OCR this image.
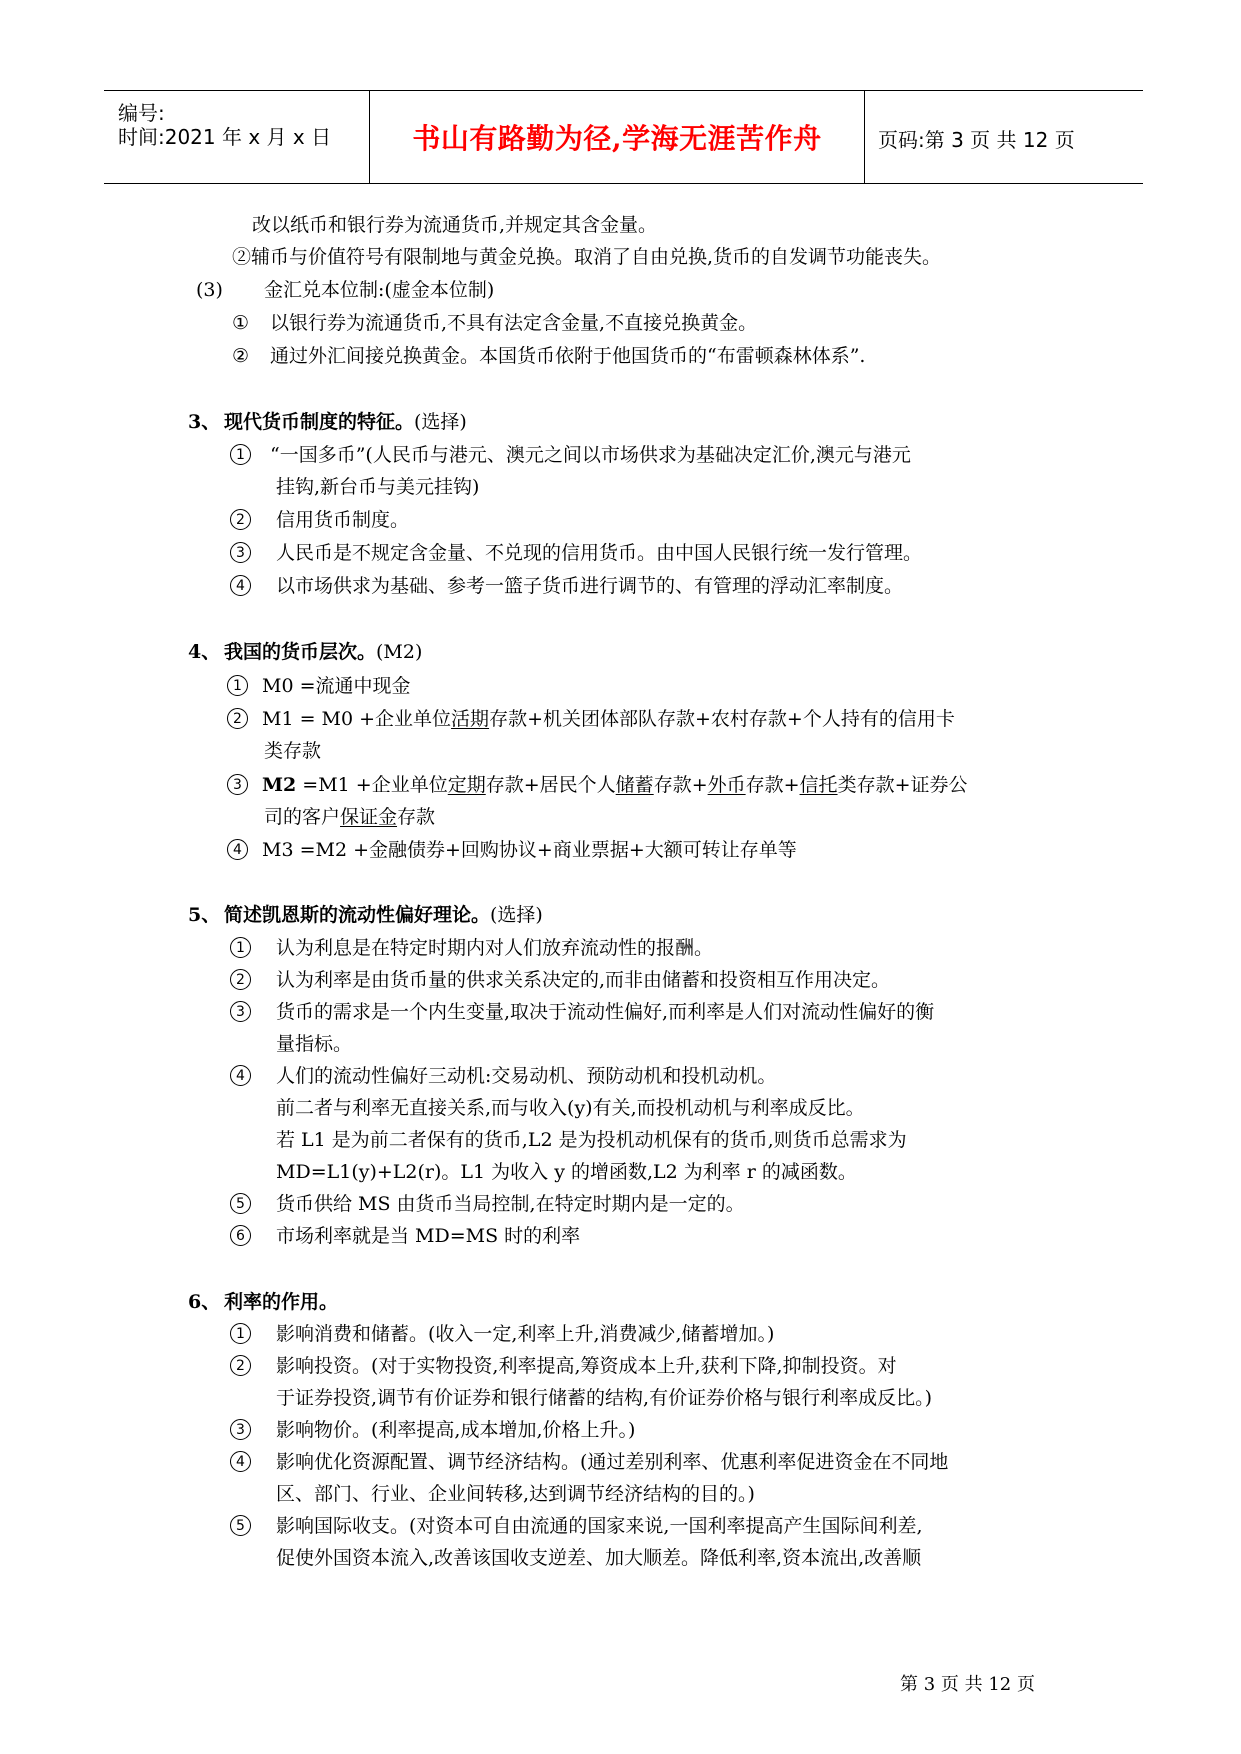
编号:
时间:2021 年 x 月 x 日	书山有路勤为径,学海无涯苦作舟	页码:第 3 页 共 12 页
改以纸币和银行券为流通货币,并规定其含金量。
②辅币与价值符号有限制地与黄金兑换。取消了自由兑换,货币的自发调节功能丧失。
(3) 金汇兑本位制:(虚金本位制)
① 以银行券为流通货币,不具有法定含金量,不直接兑换黄金。
② 通过外汇间接兑换黄金。本国货币依附于他国货币的“布雷顿森林体系”.
3、 现代货币制度的特征。(选择)
1	“一国多币”(人民币与港元、澳元之间以市场供求为基础决定汇价,澳元与港元
挂钩,新台币与美元挂钩)
2	信用货币制度。
3	人民币是不规定含金量、不兑现的信用货币。由中国人民银行统一发行管理。
4	以市场供求为基础、参考一篮子货币进行调节的、有管理的浮动汇率制度。
4、 我国的货币层次。(M2)
1	M0 =流通中现金
2	M1 = M0 +企业单位活期存款+机关团体部队存款+农村存款+个人持有的信用卡
类存款
3	M2 =M1 +企业单位定期存款+居民个人储蓄存款+外币存款+信托类存款+证券公
司的客户保证金存款
4	M3 =M2 +金融债券+回购协议+商业票据+大额可转让存单等
5、 简述凯恩斯的流动性偏好理论。(选择)
1	认为利息是在特定时期内对人们放弃流动性的报酬。
2	认为利率是由货币量的供求关系决定的,而非由储蓄和投资相互作用决定。
3	货币的需求是一个内生变量,取决于流动性偏好,而利率是人们对流动性偏好的衡
量指标。
4	人们的流动性偏好三动机:交易动机、预防动机和投机动机。
前二者与利率无直接关系,而与收入(y)有关,而投机动机与利率成反比。
若 L1 是为前二者保有的货币,L2 是为投机动机保有的货币,则货币总需求为
MD=L1(y)+L2(r)。L1 为收入 y 的增函数,L2 为利率 r 的减函数。
5	货币供给 MS 由货币当局控制,在特定时期内是一定的。
6	市场利率就是当 MD=MS 时的利率
6、 利率的作用。
1	影响消费和储蓄。(收入一定,利率上升,消费减少,储蓄增加。)
2	影响投资。(对于实物投资,利率提高,筹资成本上升,获利下降,抑制投资。对
于证券投资,调节有价证券和银行储蓄的结构,有价证券价格与银行利率成反比。)
3	影响物价。(利率提高,成本增加,价格上升。)
4	影响优化资源配置、调节经济结构。(通过差别利率、优惠利率促进资金在不同地
区、部门、行业、企业间转移,达到调节经济结构的目的。)
5	影响国际收支。(对资本可自由流通的国家来说,一国利率提高产生国际间利差,
促使外国资本流入,改善该国收支逆差、加大顺差。降低利率,资本流出,改善顺
第 3 页 共 12 页
